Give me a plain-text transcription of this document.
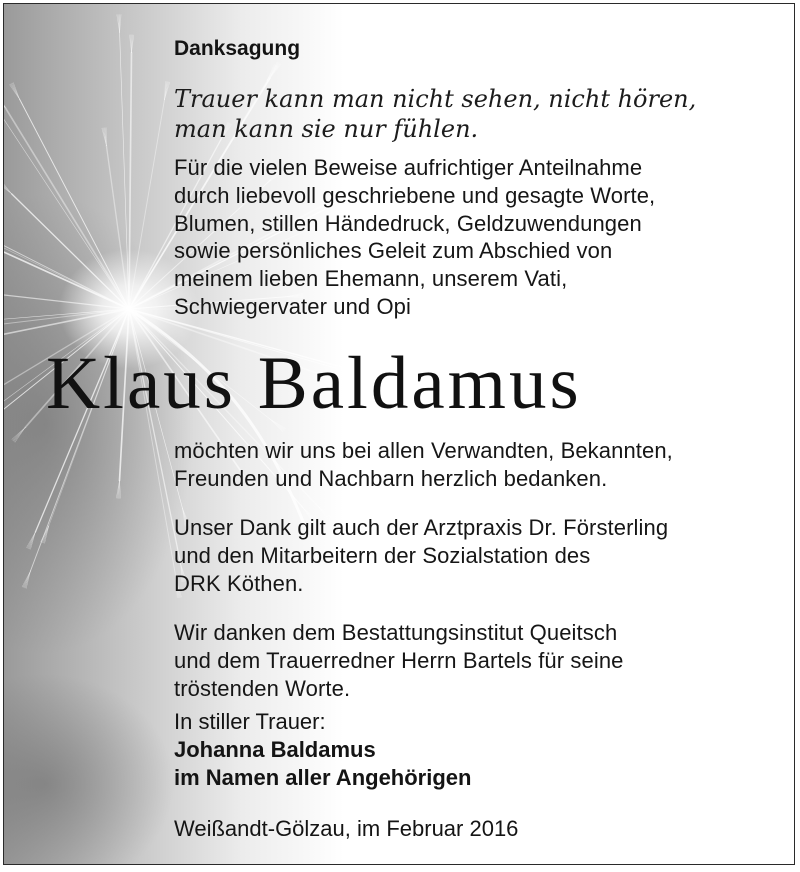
Danksagung

Trauer kann man nicht sehen, nicht hören,
man kann sie nur fühlen.

Für die vielen Beweise aufrichtiger Anteilnahme
durch liebevoll geschriebene und gesagte Worte,
Blumen, stillen Händedruck, Geldzuwendungen
sowie persönliches Geleit zum Abschied von
meinem lieben Ehemann, unserem Vati,
Schwiegervater und Opi

Klaus Baldamus

möchten wir uns bei allen Verwandten, Bekannten,
Freunden und Nachbarn herzlich bedanken.

Unser Dank gilt auch der Arztpraxis Dr. Försterling
und den Mitarbeitern der Sozialstation des
DRK Köthen.

Wir danken dem Bestattungsinstitut Queitsch
und dem Trauerredner Herrn Bartels für seine
tröstenden Worte.

In stiller Trauer:
Johanna Baldamus
im Namen aller Angehörigen

Weißandt-Gölzau, im Februar 2016
